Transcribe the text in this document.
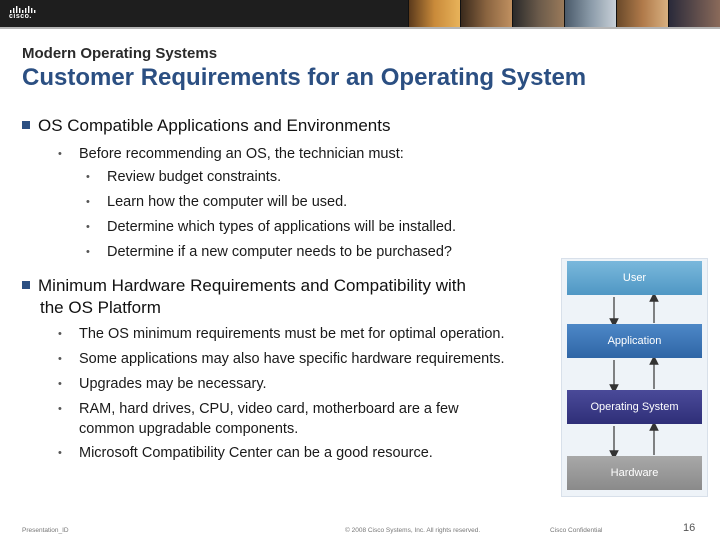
cisco.
Modern Operating Systems
Customer Requirements for an Operating System
OS Compatible Applications and Environments
• Before recommending an OS, the technician must:
• Review budget constraints.
• Learn how the computer will be used.
• Determine which types of applications will be installed.
• Determine if a new computer needs to be purchased?
Minimum Hardware Requirements and Compatibility with
the OS Platform
• The OS minimum requirements must be met for optimal operation.
• Some applications may also have specific hardware requirements.
• Upgrades may be necessary.
• RAM, hard drives, CPU, video card, motherboard are a few
common upgradable components.
• Microsoft Compatibility Center can be a good resource.
User
Application
Operating System
Hardware
Presentation_ID	© 2008 Cisco Systems, Inc. All rights reserved.	Cisco Confidential	16
